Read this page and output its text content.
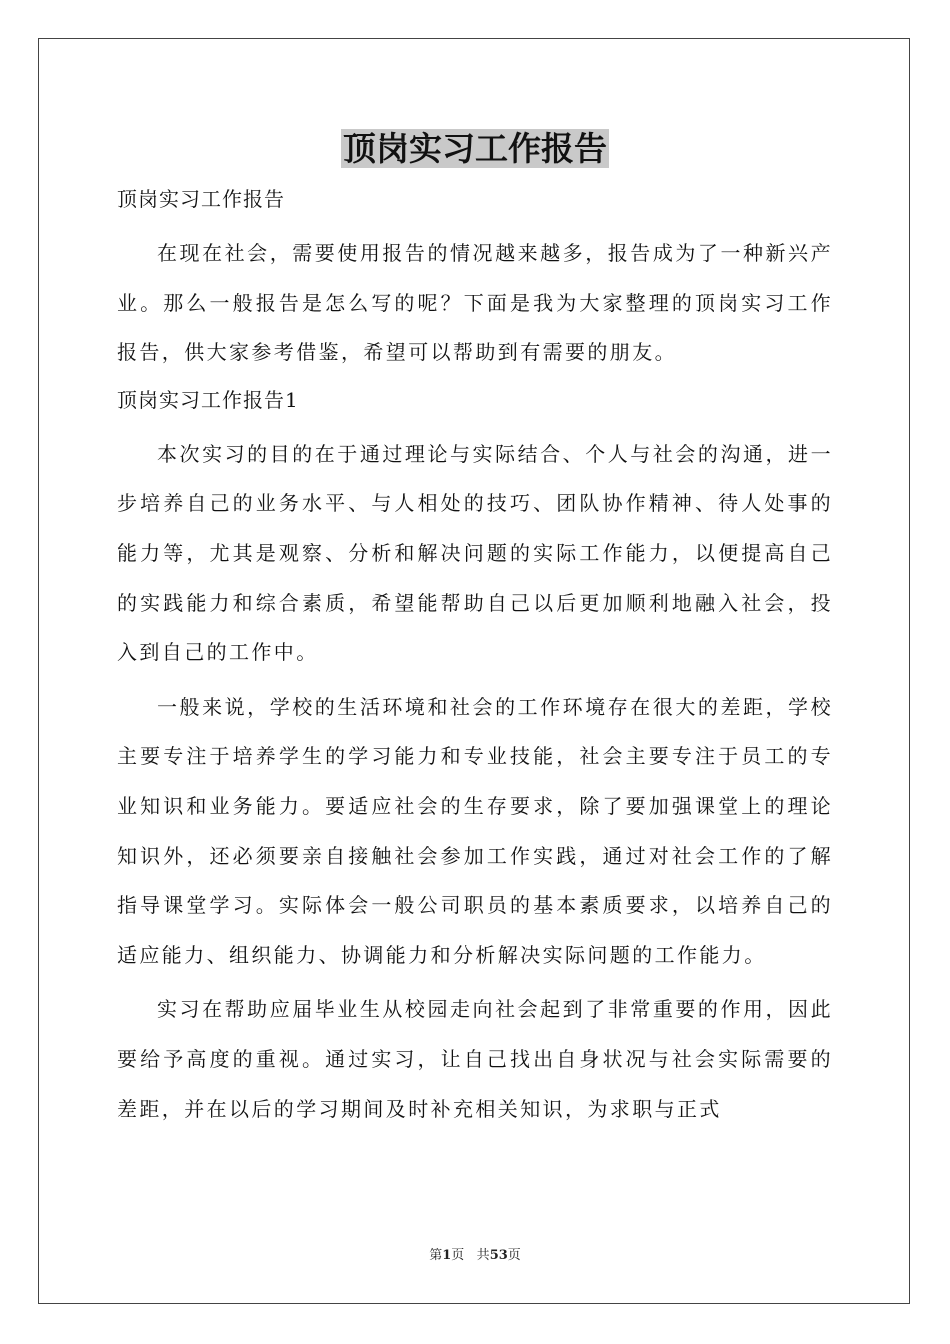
顶岗实习工作报告

顶岗实习工作报告

在现在社会，需要使用报告的情况越来越多，报告成为了一种新兴产业。那么一般报告是怎么写的呢？下面是我为大家整理的顶岗实习工作报告，供大家参考借鉴，希望可以帮助到有需要的朋友。

顶岗实习工作报告1

本次实习的目的在于通过理论与实际结合、个人与社会的沟通，进一步培养自己的业务水平、与人相处的技巧、团队协作精神、待人处事的能力等，尤其是观察、分析和解决问题的实际工作能力，以便提高自己的实践能力和综合素质，希望能帮助自己以后更加顺利地融入社会，投入到自己的工作中。

一般来说，学校的生活环境和社会的工作环境存在很大的差距，学校主要专注于培养学生的学习能力和专业技能，社会主要专注于员工的专业知识和业务能力。要适应社会的生存要求，除了要加强课堂上的理论知识外，还必须要亲自接触社会参加工作实践，通过对社会工作的了解指导课堂学习。实际体会一般公司职员的基本素质要求，以培养自己的适应能力、组织能力、协调能力和分析解决实际问题的工作能力。

实习在帮助应届毕业生从校园走向社会起到了非常重要的作用，因此要给予高度的重视。通过实习，让自己找出自身状况与社会实际需要的差距，并在以后的学习期间及时补充相关知识，为求职与正式

第1页 共53页
